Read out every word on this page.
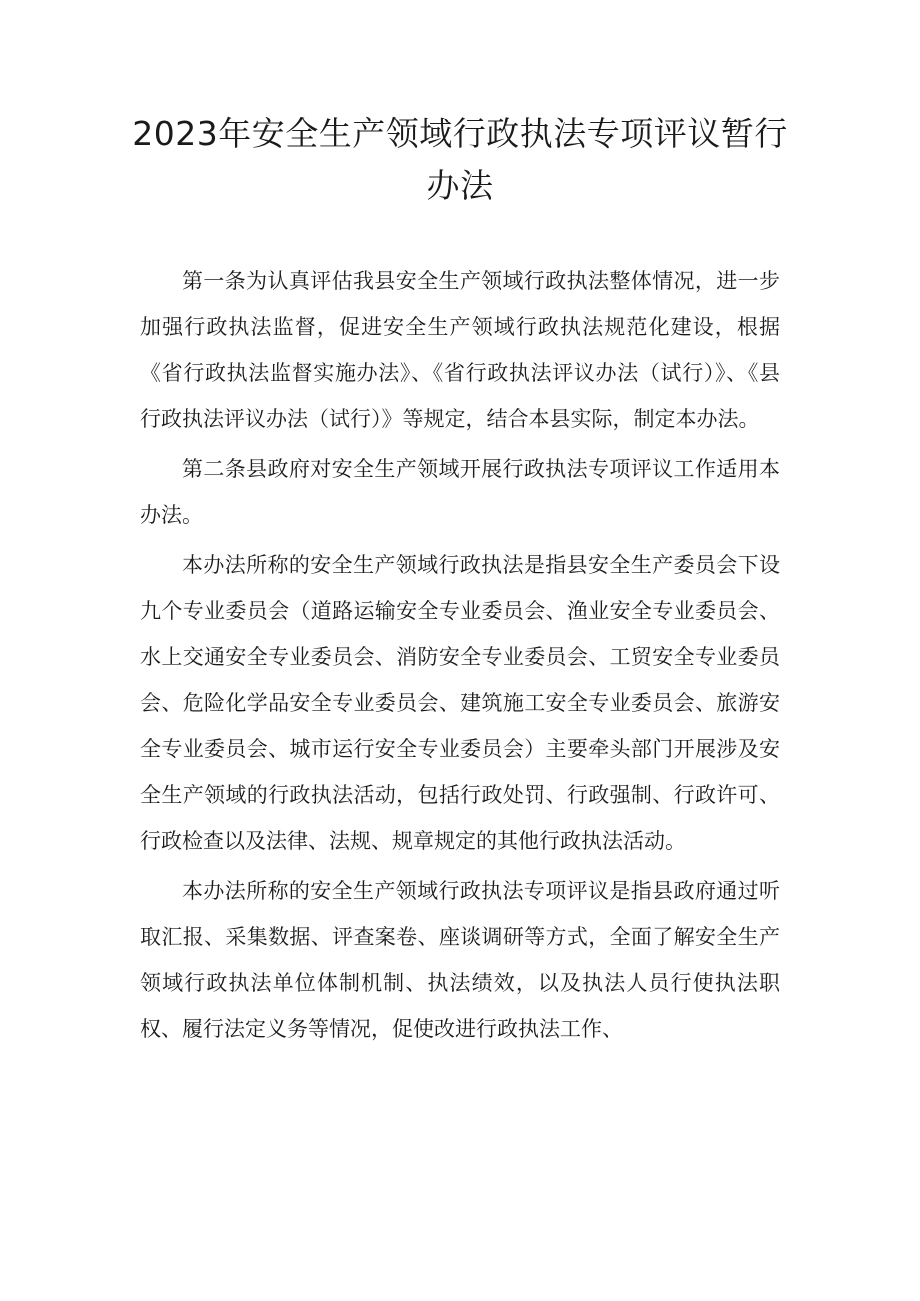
2023年安全生产领域行政执法专项评议暂行办法

第一条为认真评估我县安全生产领域行政执法整体情况，进一步加强行政执法监督，促进安全生产领域行政执法规范化建设，根据《省行政执法监督实施办法》、《省行政执法评议办法（试行）》、《县行政执法评议办法（试行）》等规定，结合本县实际，制定本办法。

第二条县政府对安全生产领域开展行政执法专项评议工作适用本办法。

本办法所称的安全生产领域行政执法是指县安全生产委员会下设九个专业委员会（道路运输安全专业委员会、渔业安全专业委员会、水上交通安全专业委员会、消防安全专业委员会、工贸安全专业委员会、危险化学品安全专业委员会、建筑施工安全专业委员会、旅游安全专业委员会、城市运行安全专业委员会）主要牵头部门开展涉及安全生产领域的行政执法活动，包括行政处罚、行政强制、行政许可、行政检查以及法律、法规、规章规定的其他行政执法活动。

本办法所称的安全生产领域行政执法专项评议是指县政府通过听取汇报、采集数据、评查案卷、座谈调研等方式，全面了解安全生产领域行政执法单位体制机制、执法绩效，以及执法人员行使执法职权、履行法定义务等情况，促使改进行政执法工作、
